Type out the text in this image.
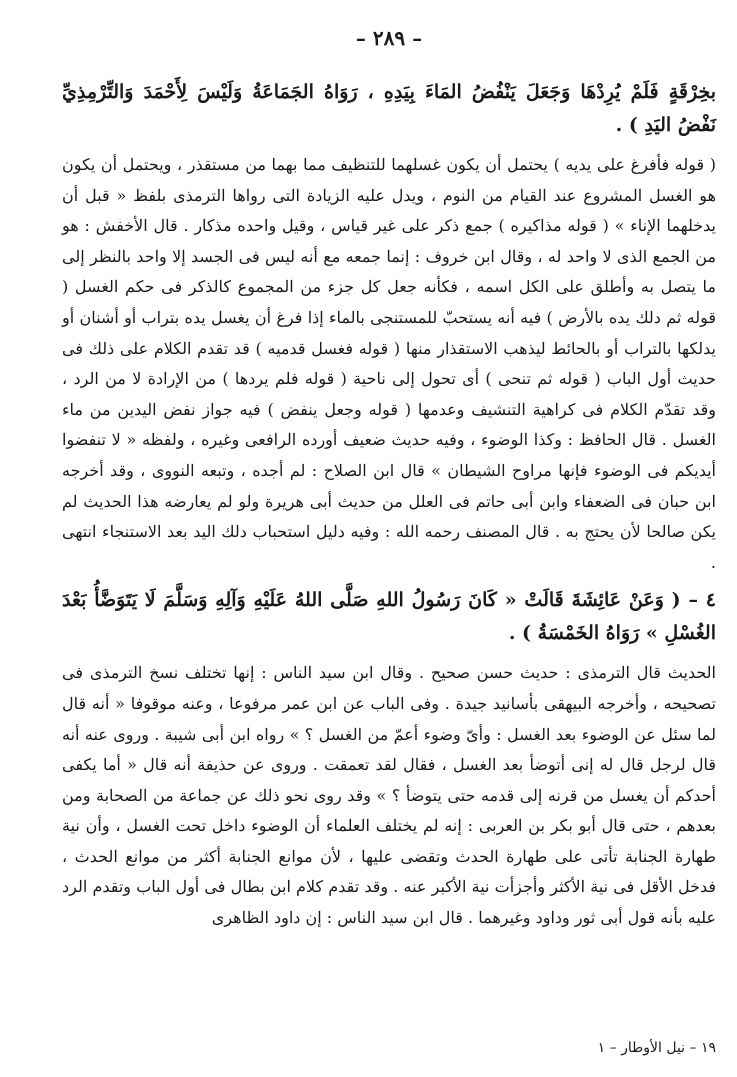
– ٢٨٩ –

بخِرْقَةٍ فَلَمْ يُرِدْهَا وَجَعَلَ يَنْفُضُ المَاءَ بِيَدِهِ ، رَوَاهُ الجَمَاعَةُ وَلَيْسَ لِأَحْمَدَ وَالتِّرْمِذِيِّ نَفْضُ اليَدِ ) .

( قوله فأفرغ على يديه ) يحتمل أن يكون غسلهما للتنظيف مما بهما من مستقذر ، ويحتمل أن يكون هو الغسل المشروع عند القيام من النوم ، ويدل عليه الزيادة التى رواها الترمذى بلفظ « قبل أن يدخلهما الإناء » ( قوله مذاكيره ) جمع ذكر على غير قياس ، وقيل واحده مذكار . قال الأخفش : هو من الجمع الذى لا واحد له ، وقال ابن خروف : إنما جمعه مع أنه ليس فى الجسد إلا واحد بالنظر إلى ما يتصل به وأطلق على الكل اسمه ، فكأنه جعل كل جزء من المجموع كالذكر فى حكم الغسل ( قوله ثم دلك يده بالأرض ) فيه أنه يستحبّ للمستنجى بالماء إذا فرغ أن يغسل يده بتراب أو أشنان أو يدلكها بالتراب أو بالحائط ليذهب الاستقذار منها ( قوله فغسل قدميه ) قد تقدم الكلام على ذلك فى حديث أول الباب ( قوله ثم تنحى ) أى تحول إلى ناحية ( قوله فلم يردها ) من الإرادة لا من الرد ، وقد تقدّم الكلام فى كراهية التنشيف وعدمها ( قوله وجعل ينفض ) فيه جواز نفض اليدين من ماء الغسل . قال الحافظ : وكذا الوضوء ، وفيه حديث ضعيف أورده الرافعى وغيره ، ولفظه « لا تنفضوا أيديكم فى الوضوء فإنها مراوح الشيطان » قال ابن الصلاح : لم أجده ، وتبعه النووى ، وقد أخرجه ابن حبان فى الضعفاء وابن أبى حاتم فى العلل من حديث أبى هريرة ولو لم يعارضه هذا الحديث لم يكن صالحا لأن يحتج به . قال المصنف رحمه الله : وفيه دليل استحباب دلك اليد بعد الاستنجاء انتهى .

٤ – ( وَعَنْ عَائِشَةَ قَالَتْ « كَانَ رَسُولُ اللهِ صَلَّى اللهُ عَلَيْهِ وَآلِهِ وَسَلَّمَ لَا يَتَوَضَّأُ بَعْدَ الغُسْلِ » رَوَاهُ الخَمْسَةُ ) .

الحديث قال الترمذى : حديث حسن صحيح . وقال ابن سيد الناس : إنها تختلف نسخ الترمذى فى تصحيحه ، وأخرجه البيهقى بأسانيد جيدة . وفى الباب عن ابن عمر مرفوعا ، وعنه موقوفا « أنه قال لما سئل عن الوضوء بعد الغسل : وأىّ وضوء أعمّ من الغسل ؟ » رواه ابن أبى شيبة . وروى عنه أنه قال لرجل قال له إنى أتوضأ بعد الغسل ، فقال لقد تعمقت . وروى عن حذيفة أنه قال « أما يكفى أحدكم أن يغسل من قرنه إلى قدمه حتى يتوضأ ؟ » وقد روى نحو ذلك عن جماعة من الصحابة ومن بعدهم ، حتى قال أبو بكر بن العربى : إنه لم يختلف العلماء أن الوضوء داخل تحت الغسل ، وأن نية طهارة الجنابة تأتى على طهارة الحدث وتقضى عليها ، لأن موانع الجنابة أكثر من موانع الحدث ، فدخل الأقل فى نية الأكثر وأجزأت نية الأكبر عنه . وقد تقدم كلام ابن بطال فى أول الباب وتقدم الرد عليه بأنه قول أبى ثور وداود وغيرهما . قال ابن سيد الناس : إن داود الظاهرى

١٩ – نيل الأوطار – ١
